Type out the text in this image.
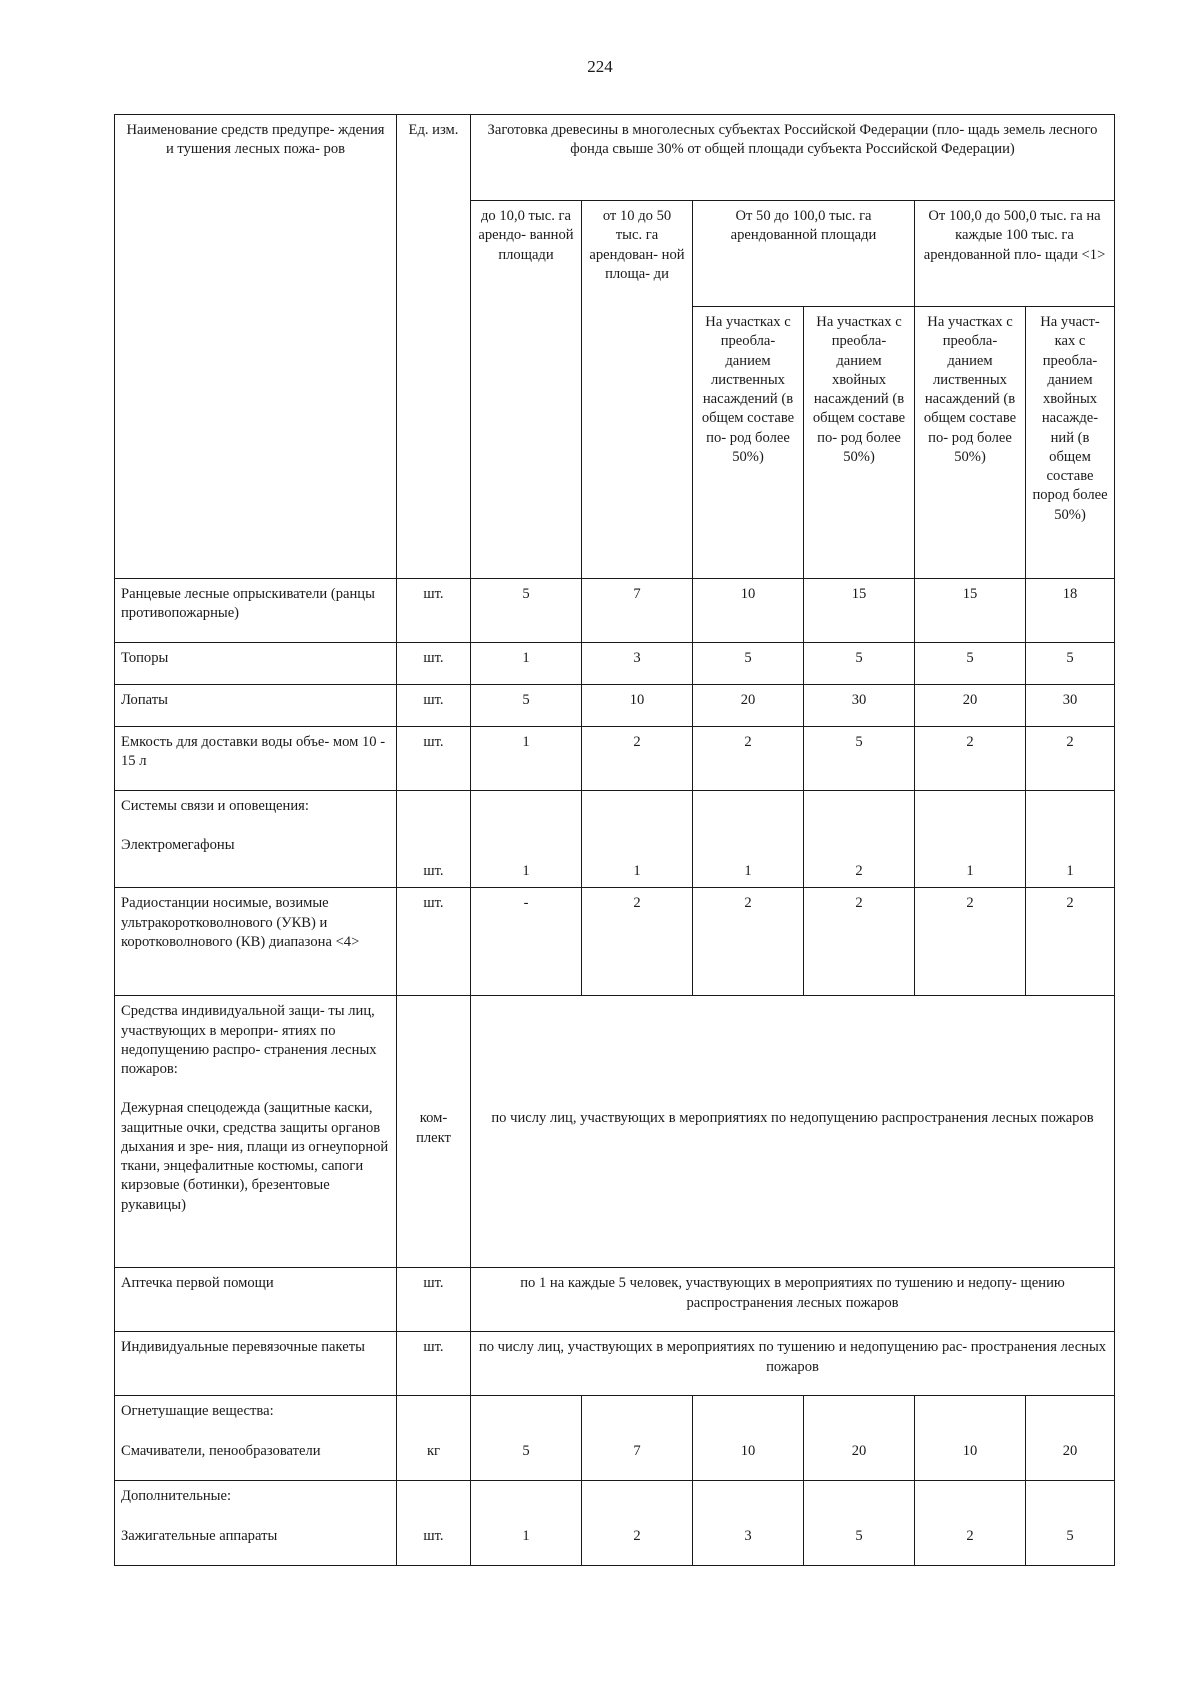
224
Наименование средств предупре- ждения и тушения лесных пожа- ров	Ед. изм.	Заготовка древесины в многолесных субъектах Российской Федерации (пло- щадь земель лесного фонда свыше 30% от общей площади субъекта Российской Федерации)					
		до 10,0 тыс. га арендо- ванной площади	от 10 до 50 тыс. га арендован- ной площа- ди	От 50 до 100,0 тыс. га арендованной площади		От 100,0 до 500,0 тыс. га на каждые 100 тыс. га арендованной пло- щади <1>	
				На участках с преобла- данием лиственных насаждений (в общем составе по- род более 50%)	На участках с преобла- данием хвойных насаждений (в общем составе по- род более 50%)	На участках с преобла- данием лиственных насаждений (в общем составе по- род более 50%)	На участ- ках с преобла- данием хвойных насажде- ний (в общем составе пород более 50%)
Ранцевые лесные опрыскиватели (ранцы противопожарные)	шт.	5	7	10	15	15	18
Топоры	шт.	1	3	5	5	5	5
Лопаты	шт.	5	10	20	30	20	30
Емкость для доставки воды объе- мом 10 - 15 л	шт.	1	2	2	5	2	2

Системы связи и оповещения:
Электромегафоны	шт.	1	1	1	2	1	1

Радиостанции носимые, возимые ультракоротковолнового (УКВ) и коротковолнового (КВ) диапазона <4>	шт.	-	2	2	2	2	2

Средства индивидуальной защи- ты лиц, участвующих в меропри- ятиях по недопущению распро- странения лесных пожаров:
Дежурная спецодежда (защитные каски, защитные очки, средства защиты органов дыхания и зре- ния, плащи из огнеупорной ткани, энцефалитные костюмы, сапоги кирзовые (ботинки), брезентовые рукавицы)	ком- плект	по числу лиц, участвующих в мероприятиях по недопущению распространения лесных пожаров					

Аптечка первой помощи	шт.	по 1 на каждые 5 человек, участвующих в мероприятиях по тушению и недопу- щению распространения лесных пожаров					
Индивидуальные перевязочные пакеты	шт.	по числу лиц, участвующих в мероприятиях по тушению и недопущению рас- пространения лесных пожаров					

Огнетушащие вещества:
Смачиватели, пенообразователи	кг	5	7	10	20	10	20

Дополнительные:
Зажигательные аппараты	шт.	1	2	3	5	2	5
